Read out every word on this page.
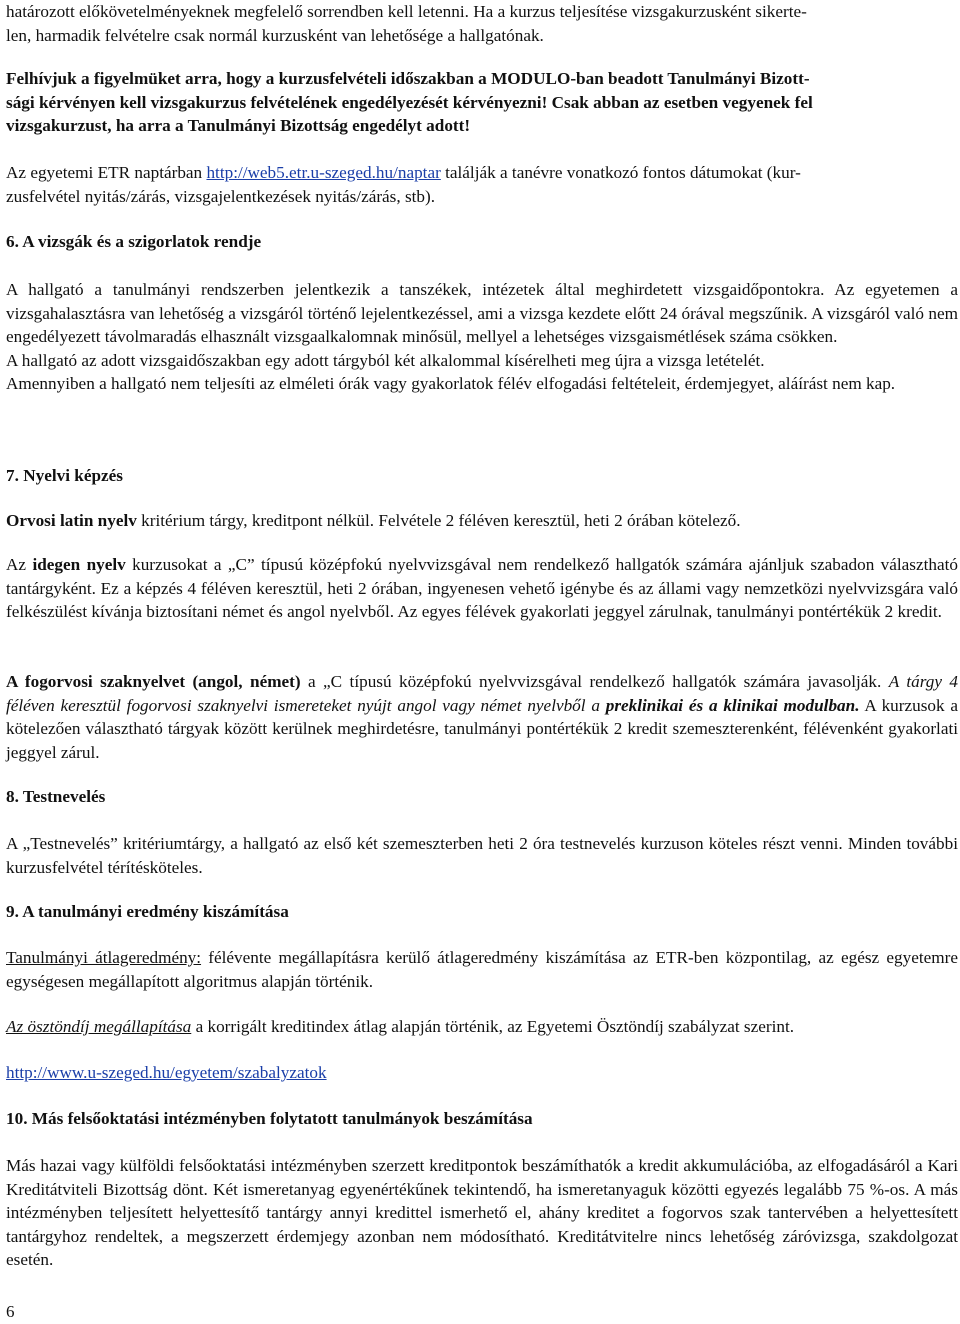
határozott előkövetelményeknek megfelelő sorrendben kell letenni. Ha a kurzus teljesítése vizsgakurzusként sikerte-
len, harmadik felvételre csak normál kurzusként van lehetősége a hallgatónak.
Felhívjuk a figyelmüket arra, hogy a kurzusfelvételi időszakban a MODULO-ban beadott Tanulmányi Bizott-
sági kérvényen kell vizsgakurzus felvételének engedélyezését kérvényezni! Csak abban az esetben vegyenek fel
vizsgakurzust, ha arra a Tanulmányi Bizottság engedélyt adott!
Az egyetemi ETR naptárban http://web5.etr.u-szeged.hu/naptar találják a tanévre vonatkozó fontos dátumokat (kur-
zusfelvétel nyitás/zárás, vizsgajelentkezések nyitás/zárás, stb).
6. A vizsgák és a szigorlatok rendje

A hallgató a tanulmányi rendszerben jelentkezik a tanszékek, intézetek által meghirdetett vizsgaidőpontokra. Az egyetemen a vizsgahalasztásra van lehetőség a vizsgáról történő lejelentkezéssel, ami a vizsga kezdete előtt 24 órával megszűnik. A vizsgáról való nem engedélyezett távolmaradás elhasznált vizsgaalkalomnak minősül, mellyel a lehetséges vizsgaismétlések száma csökken.

A hallgató az adott vizsgaidőszakban egy adott tárgyból két alkalommal kísérelheti meg újra a vizsga letételét.

Amennyiben a hallgató nem teljesíti az elméleti órák vagy gyakorlatok félév elfogadási feltételeit, érdemjegyet, aláírást nem kap.

7. Nyelvi képzés

Orvosi latin nyelv kritérium tárgy, kreditpont nélkül. Felvétele 2 féléven keresztül, heti 2 órában kötelező.

Az idegen nyelv kurzusokat a „C” típusú középfokú nyelvvizsgával nem rendelkező hallgatók számára ajánljuk szabadon választható tantárgyként. Ez a képzés 4 féléven keresztül, heti 2 órában, ingyenesen vehető igénybe és az állami vagy nemzetközi nyelvvizsgára való felkészülést kívánja biztosítani német és angol nyelvből. Az egyes félévek gyakorlati jeggyel zárulnak, tanulmányi pontértékük 2 kredit.

A fogorvosi szaknyelvet (angol, német) a „C típusú középfokú nyelvvizsgával rendelkező hallgatók számára javasolják. A tárgy 4 féléven keresztül fogorvosi szaknyelvi ismereteket nyújt angol vagy német nyelvből a preklinikai és a klinikai modulban. A kurzusok a kötelezően választható tárgyak között kerülnek meghirdetésre, tanulmányi pontértékük 2 kredit szemeszterenként, félévenként gyakorlati jeggyel zárul.

8. Testnevelés

A „Testnevelés” kritériumtárgy, a hallgató az első két szemeszterben heti 2 óra testnevelés kurzuson köteles részt venni. Minden további kurzusfelvétel térítésköteles.

9. A tanulmányi eredmény kiszámítása

Tanulmányi átlageredmény: félévente megállapításra kerülő átlageredmény kiszámítása az ETR-ben központilag, az egész egyetemre egységesen megállapított algoritmus alapján történik.

Az ösztöndíj megállapítása a korrigált kreditindex átlag alapján történik, az Egyetemi Ösztöndíj szabályzat szerint.

http://www.u-szeged.hu/egyetem/szabalyzatok
10. Más felsőoktatási intézményben folytatott tanulmányok beszámítása

Más hazai vagy külföldi felsőoktatási intézményben szerzett kreditpontok beszámíthatók a kredit akkumulációba, az elfogadásáról a Kari Kreditátviteli Bizottság dönt. Két ismeretanyag egyenértékűnek tekintendő, ha ismeretanyaguk közötti egyezés legalább 75 %-os. A más intézményben teljesített helyettesítő tantárgy annyi kredittel ismerhető el, ahány kreditet a fogorvos szak tantervében a helyettesített tantárgyhoz rendeltek, a megszerzett érdemjegy azonban nem módosítható. Kreditátvitelre nincs lehetőség záróvizsga, szakdolgozat esetén.

6
